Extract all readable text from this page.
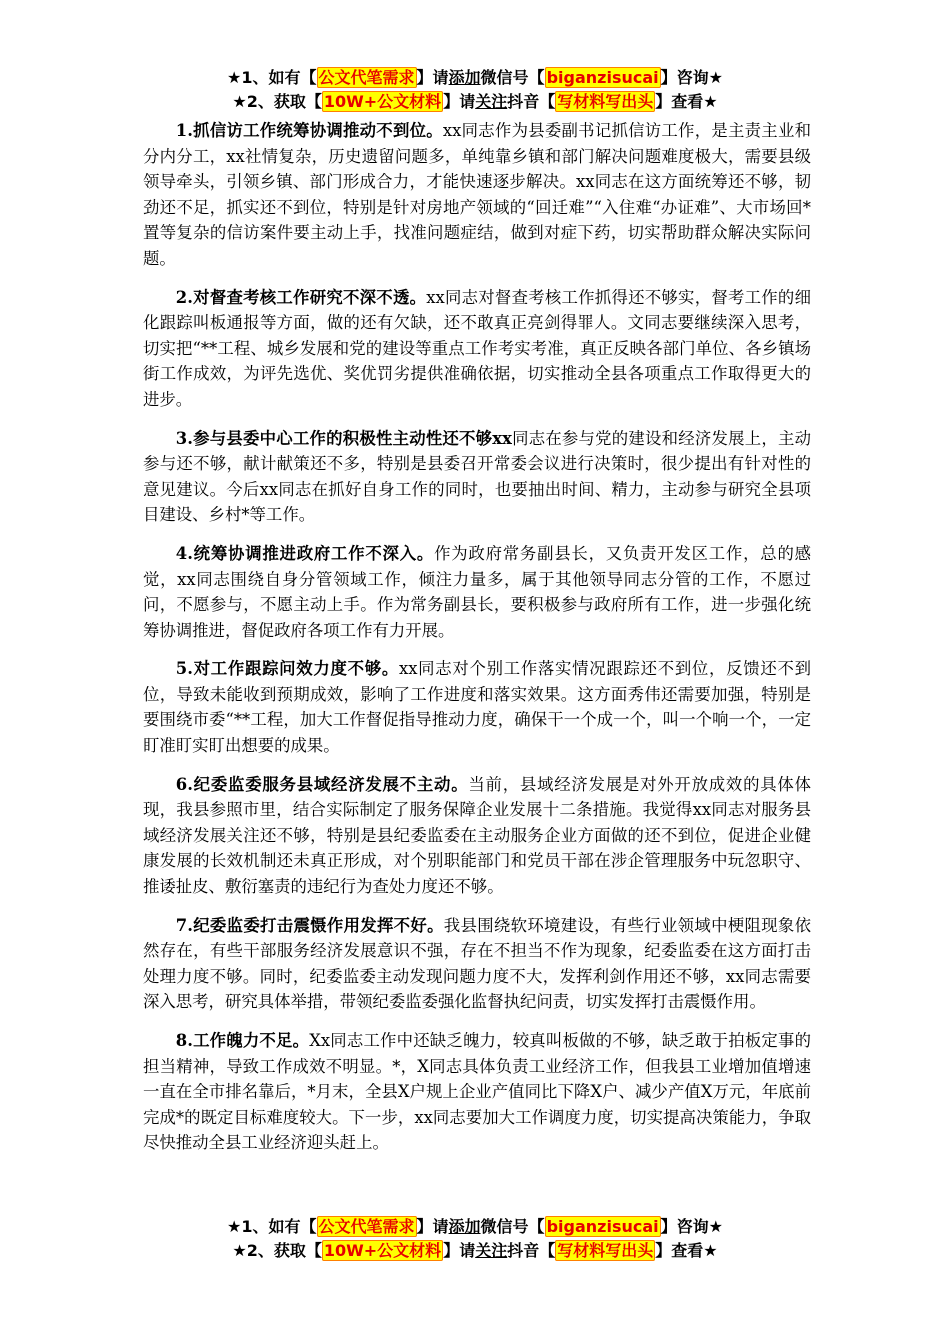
★1、如有【 公文代笔需求 】请添加微信号【 biganzisucai 】咨询★
★2、获取【 10W+公文材料 】请关注抖音【 写材料写出头 】查看★

1.抓信访工作统筹协调推动不到位。xx同志作为县委副书记抓信访工作，是主责主业和分内分工，xx社情复杂，历史遗留问题多，单纯靠乡镇和部门解决问题难度极大，需要县级领导牵头，引领乡镇、部门形成合力，才能快速逐步解决。xx同志在这方面统筹还不够，韧劲还不足，抓实还不到位，特别是针对房地产领域的“回迁难”“入住难“办证难”、大市场回*置等复杂的信访案件要主动上手，找准问题症结，做到对症下药，切实帮助群众解决实际问题。

2.对督查考核工作研究不深不透。xx同志对督查考核工作抓得还不够实，督考工作的细化跟踪叫板通报等方面，做的还有欠缺，还不敢真正亮剑得罪人。文同志要继续深入思考，切实把“**工程、城乡发展和党的建设等重点工作考实考准，真正反映各部门单位、各乡镇场街工作成效，为评先选优、奖优罚劣提供准确依据，切实推动全县各项重点工作取得更大的进步。

3.参与县委中心工作的积极性主动性还不够xx同志在参与党的建设和经济发展上，主动参与还不够，献计献策还不多，特别是县委召开常委会议进行决策时，很少提出有针对性的意见建议。今后xx同志在抓好自身工作的同时，也要抽出时间、精力，主动参与研究全县项目建设、乡村*等工作。

4.统筹协调推进政府工作不深入。作为政府常务副县长，又负责开发区工作，总的感觉，xx同志围绕自身分管领域工作，倾注力量多，属于其他领导同志分管的工作，不愿过问，不愿参与，不愿主动上手。作为常务副县长，要积极参与政府所有工作，进一步强化统筹协调推进，督促政府各项工作有力开展。

5.对工作跟踪问效力度不够。xx同志对个别工作落实情况跟踪还不到位，反馈还不到位，导致未能收到预期成效，影响了工作进度和落实效果。这方面秀伟还需要加强，特别是要围绕市委“**工程，加大工作督促指导推动力度，确保干一个成一个，叫一个响一个，一定盯准盯实盯出想要的成果。

6.纪委监委服务县域经济发展不主动。当前，县域经济发展是对外开放成效的具体体现，我县参照市里，结合实际制定了服务保障企业发展十二条措施。我觉得xx同志对服务县域经济发展关注还不够，特别是县纪委监委在主动服务企业方面做的还不到位，促进企业健康发展的长效机制还未真正形成，对个别职能部门和党员干部在涉企管理服务中玩忽职守、推诿扯皮、敷衍塞责的违纪行为查处力度还不够。

7.纪委监委打击震慑作用发挥不好。我县围绕软环境建设，有些行业领域中梗阻现象依然存在，有些干部服务经济发展意识不强，存在不担当不作为现象，纪委监委在这方面打击处理力度不够。同时，纪委监委主动发现问题力度不大，发挥利剑作用还不够，xx同志需要深入思考，研究具体举措，带领纪委监委强化监督执纪问责，切实发挥打击震慑作用。

8.工作魄力不足。Xx同志工作中还缺乏魄力，较真叫板做的不够，缺乏敢于拍板定事的担当精神，导致工作成效不明显。*，X同志具体负责工业经济工作，但我县工业增加值增速一直在全市排名靠后，*月末，全县X户规上企业产值同比下降X户、减少产值X万元，年底前完成*的既定目标难度较大。下一步，xx同志要加大工作调度力度，切实提高决策能力，争取尽快推动全县工业经济迎头赶上。

★1、如有【 公文代笔需求 】请添加微信号【 biganzisucai 】咨询★
★2、获取【 10W+公文材料 】请关注抖音【 写材料写出头 】查看★
